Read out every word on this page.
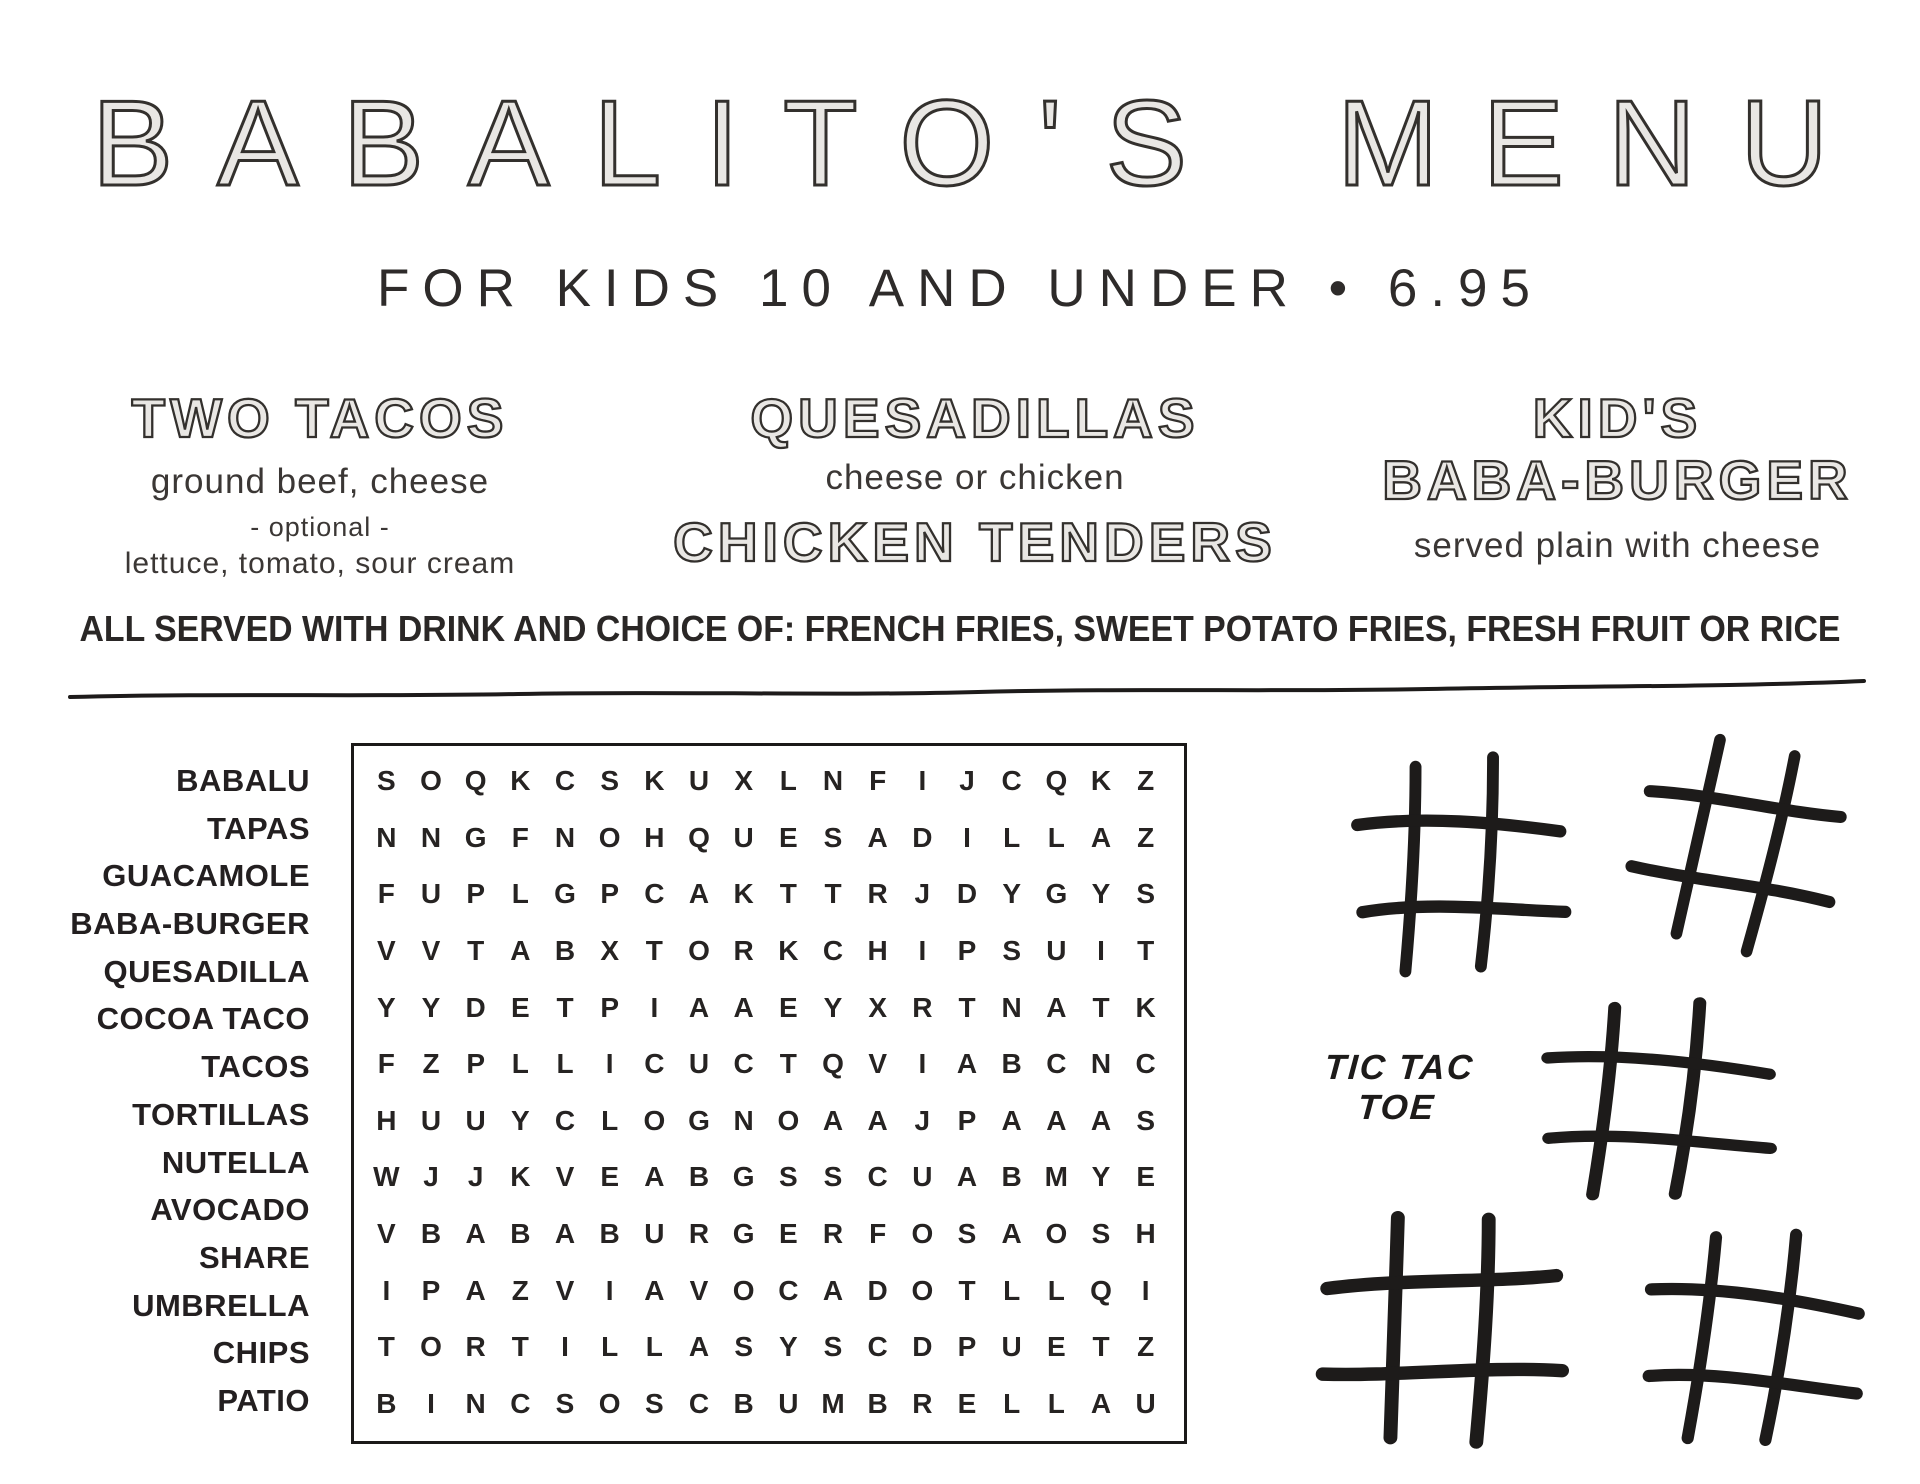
BABALITO'S MENU
FOR KIDS 10 AND UNDER • 6.95
TWO TACOS
ground beef, cheese
- optional -
lettuce, tomato, sour cream
QUESADILLAS
cheese or chicken
CHICKEN TENDERS
KID'S
BABA-BURGER
served plain with cheese
ALL SERVED WITH DRINK AND CHOICE OF: FRENCH FRIES, SWEET POTATO FRIES, FRESH FRUIT OR RICE
BABALU
TAPAS
GUACAMOLE
BABA-BURGER
QUESADILLA
COCOA TACO
TACOS
TORTILLAS
NUTELLA
AVOCADO
SHARE
UMBRELLA
CHIPS
PATIO
S O Q K C S K U X L N F	I	J C Q K Z
N N G F N O H Q U E S A D	I	L L A Z
F U P L G P C A K T T R J D Y G Y S
V V T A B X T O R K C H	I	P S U	I	T
Y Y D E T P	I	A A E Y X R T N A T K
F Z P L L	I	C U C T Q V	I	A B C N C
H U U Y C L O G N O A A J P A A A S
W J	J K V E A B G S S C U A B M Y E
V B A B A B U R G E R F O S A O S H
I	P A Z V	I	A V O C A D O T L L Q	I
T O R T	I	L L A S Y S C D P U E T Z
B	I	N C S O S C B U M B R E L L A U
TIC TAC
TOE
